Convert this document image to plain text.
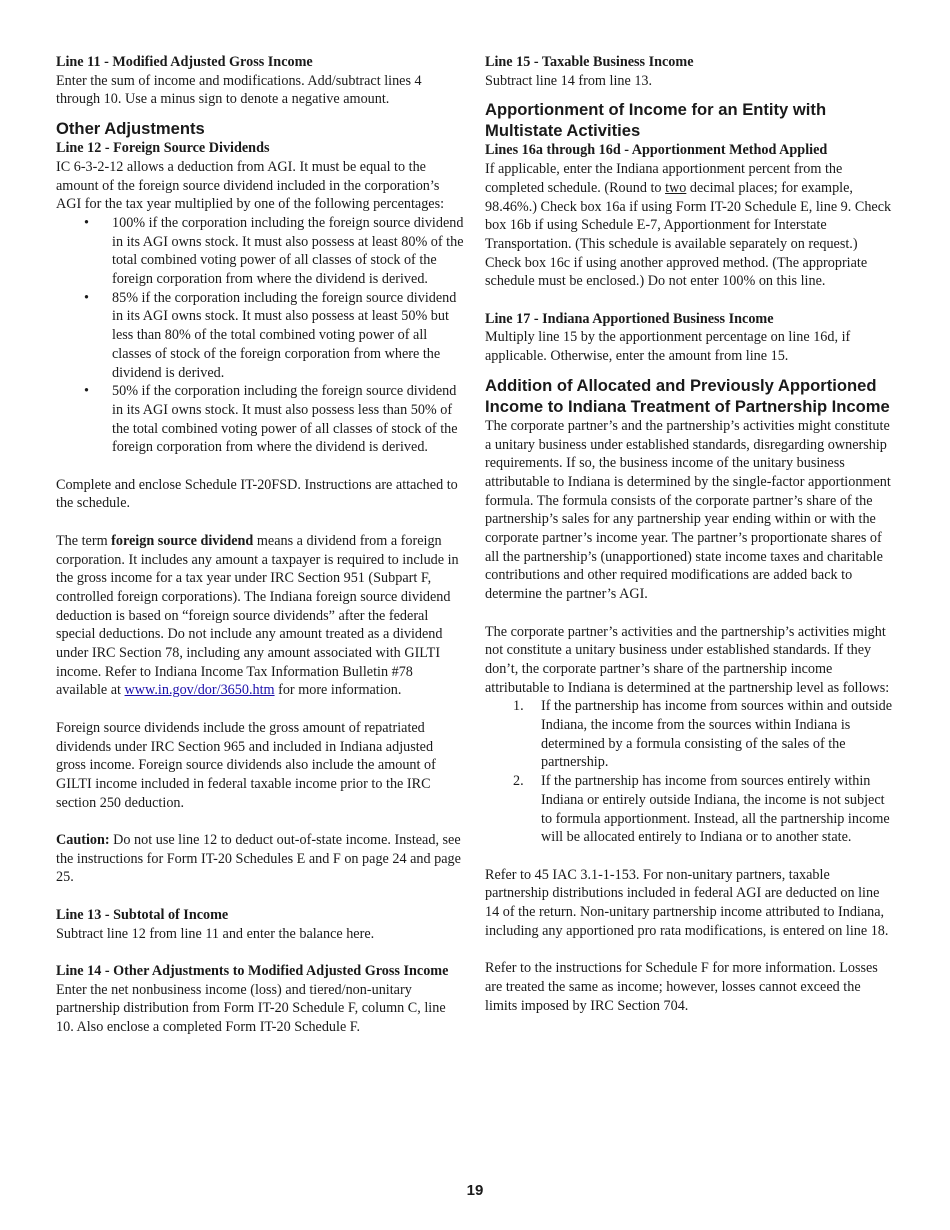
Line 11 - Modified Adjusted Gross Income

Enter the sum of income and modifications. Add/subtract lines 4 through 10. Use a minus sign to denote a negative amount.

Other Adjustments

Line 12 - Foreign Source Dividends

IC 6-3-2-12 allows a deduction from AGI. It must be equal to the amount of the foreign source dividend included in the corporation’s AGI for the tax year multiplied by one of the following percentages:

• 100% if the corporation including the foreign source dividend in its AGI owns stock. It must also possess at least 80% of the total combined voting power of all classes of stock of the foreign corporation from where the dividend is derived.
• 85% if the corporation including the foreign source dividend in its AGI owns stock. It must also possess at least 50% but less than 80% of the total combined voting power of all classes of stock of the foreign corporation from where the dividend is derived.
• 50% if the corporation including the foreign source dividend in its AGI owns stock. It must also possess less than 50% of the total combined voting power of all classes of stock of the foreign corporation from where the dividend is derived.

Complete and enclose Schedule IT-20FSD. Instructions are attached to the schedule.

The term foreign source dividend means a dividend from a foreign corporation. It includes any amount a taxpayer is required to include in the gross income for a tax year under IRC Section 951 (Subpart F, controlled foreign corporations). The Indiana foreign source dividend deduction is based on “foreign source dividends” after the federal special deductions. Do not include any amount treated as a dividend under IRC Section 78, including any amount associated with GILTI income. Refer to Indiana Income Tax Information Bulletin #78 available at www.in.gov/dor/3650.htm for more information.

Foreign source dividends include the gross amount of repatriated dividends under IRC Section 965 and included in Indiana adjusted gross income. Foreign source dividends also include the amount of GILTI income included in federal taxable income prior to the IRC section 250 deduction.

Caution: Do not use line 12 to deduct out-of-state income. Instead, see the instructions for Form IT-20 Schedules E and F on page 24 and page 25.

Line 13 - Subtotal of Income

Subtract line 12 from line 11 and enter the balance here.

Line 14 - Other Adjustments to Modified Adjusted Gross Income

Enter the net nonbusiness income (loss) and tiered/non-unitary partnership distribution from Form IT-20 Schedule F, column C, line 10. Also enclose a completed Form IT-20 Schedule F.

Line 15 - Taxable Business Income

Subtract line 14 from line 13.

Apportionment of Income for an Entity with Multistate Activities

Lines 16a through 16d - Apportionment Method Applied

If applicable, enter the Indiana apportionment percent from the completed schedule. (Round to two decimal places; for example, 98.46%.) Check box 16a if using Form IT-20 Schedule E, line 9. Check box 16b if using Schedule E-7, Apportionment for Interstate Transportation. (This schedule is available separately on request.) Check box 16c if using another approved method. (The appropriate schedule must be enclosed.) Do not enter 100% on this line.

Line 17 - Indiana Apportioned Business Income

Multiply line 15 by the apportionment percentage on line 16d, if applicable. Otherwise, enter the amount from line 15.

Addition of Allocated and Previously Apportioned Income to Indiana Treatment of Partnership Income

The corporate partner’s and the partnership’s activities might constitute a unitary business under established standards, disregarding ownership requirements. If so, the business income of the unitary business attributable to Indiana is determined by the single-factor apportionment formula. The formula consists of the corporate partner’s share of the partnership’s sales for any partnership year ending within or with the corporate partner’s income year. The partner’s proportionate shares of all the partnership’s (unapportioned) state income taxes and charitable contributions and other required modifications are added back to determine the partner’s AGI.

The corporate partner’s activities and the partnership’s activities might not constitute a unitary business under established standards. If they don’t, the corporate partner’s share of the partnership income attributable to Indiana is determined at the partnership level as follows:

1. If the partnership has income from sources within and outside Indiana, the income from the sources within Indiana is determined by a formula consisting of the sales of the partnership.
2. If the partnership has income from sources entirely within Indiana or entirely outside Indiana, the income is not subject to formula apportionment. Instead, all the partnership income will be allocated entirely to Indiana or to another state.

Refer to 45 IAC 3.1-1-153. For non-unitary partners, taxable partnership distributions included in federal AGI are deducted on line 14 of the return. Non-unitary partnership income attributed to Indiana, including any apportioned pro rata modifications, is entered on line 18.

Refer to the instructions for Schedule F for more information. Losses are treated the same as income; however, losses cannot exceed the limits imposed by IRC Section 704.

19
